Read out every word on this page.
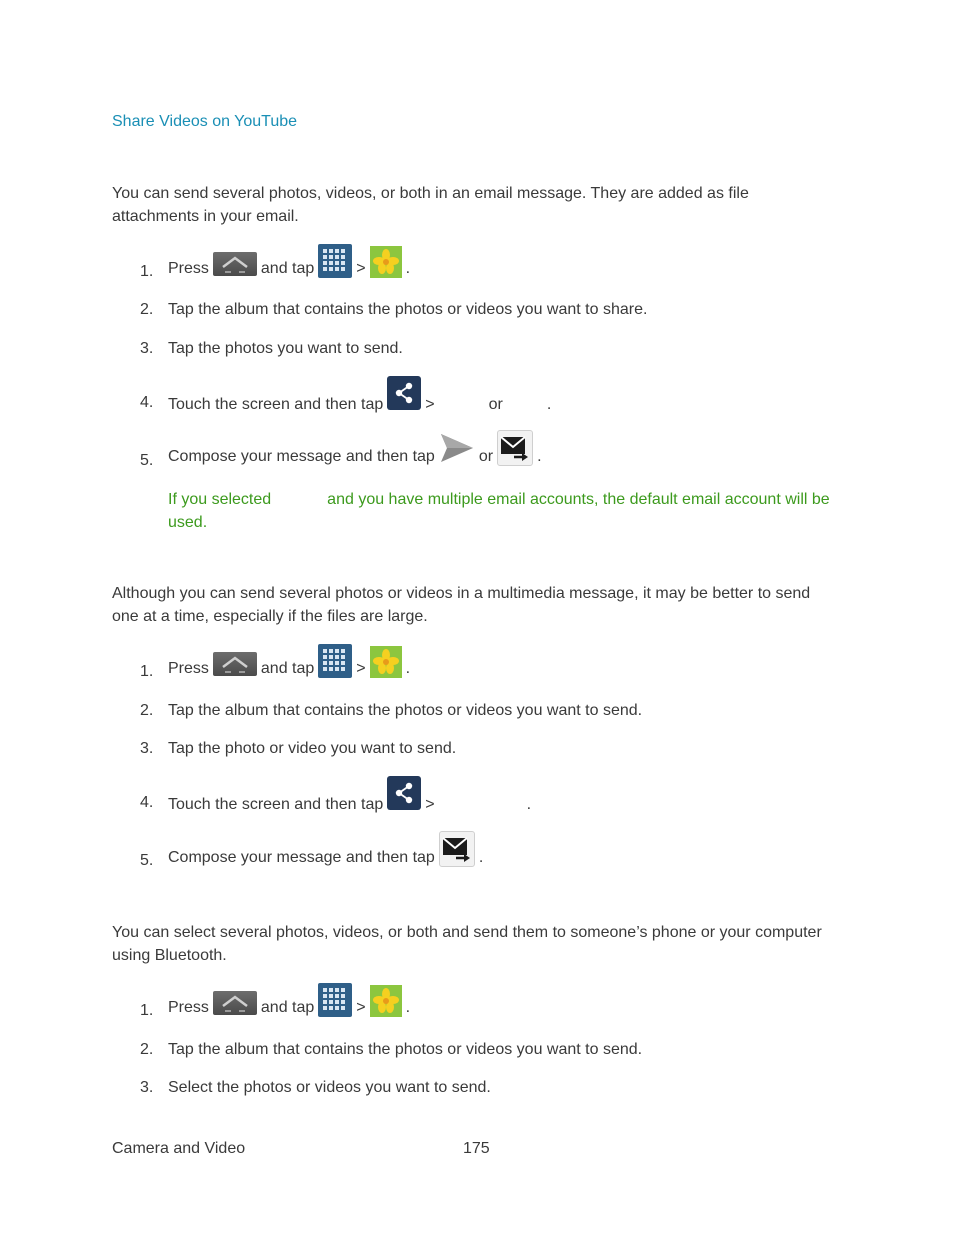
Share Videos on YouTube
You can send several photos, videos, or both in an email message. They are added as file attachments in your email.
1. Press	and tap	>	.
2. Tap the album that contains the photos or videos you want to share.
3. Tap the photos you want to send.
4. Touch the screen and then tap	>	or	.
5. Compose your message and then tap	or	.
If you selected	and you have multiple email accounts, the default email account will be used.
Although you can send several photos or videos in a multimedia message, it may be better to send one at a time, especially if the files are large.
1. Press	and tap	>	.
2. Tap the album that contains the photos or videos you want to send.
3. Tap the photo or video you want to send.
4. Touch the screen and then tap	>	.
5. Compose your message and then tap	.
You can select several photos, videos, or both and send them to someone’s phone or your computer using Bluetooth.
1. Press	and tap	>	.
2. Tap the album that contains the photos or videos you want to send.
3. Select the photos or videos you want to send.
Camera and Video	175
